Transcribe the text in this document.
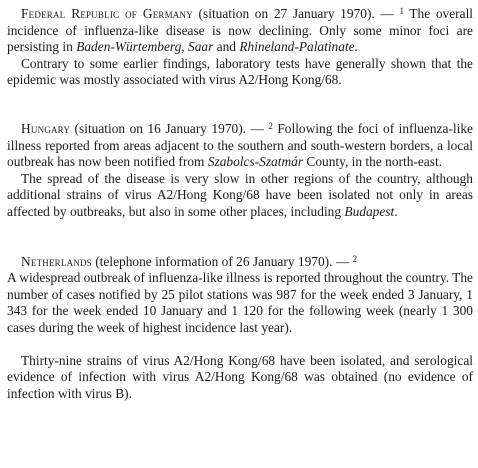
Federal Republic of Germany (situation on 27 January 1970). — $^1$ The overall incidence of influenza-like disease is now declining. Only some minor foci are persisting in Baden-Würtemberg, Saar and Rhineland-Palatinate.

Contrary to some earlier findings, laboratory tests have generally shown that the epidemic was mostly associated with virus A2/Hong Kong/68.

Hungary (situation on 16 January 1970). — $^2$ Following the foci of influenza-like illness reported from areas adjacent to the southern and south-western borders, a local outbreak has now been notified from Szabolcs-Szatmár County, in the north-east.

The spread of the disease is very slow in other regions of the country, although additional strains of virus A2/Hong Kong/68 have been isolated not only in areas affected by outbreaks, but also in some other places, including Budapest.

Netherlands (telephone information of 26 January 1970). — $^2$

A widespread outbreak of influenza-like illness is reported throughout the country. The number of cases notified by 25 pilot stations was 987 for the week ended 3 January, 1 343 for the week ended 10 January and 1 120 for the following week (nearly 1 300 cases during the week of highest incidence last year).

Thirty-nine strains of virus A2/Hong Kong/68 have been isolated, and serological evidence of infection with virus A2/Hong Kong/68 was obtained (no evidence of infection with virus B).
